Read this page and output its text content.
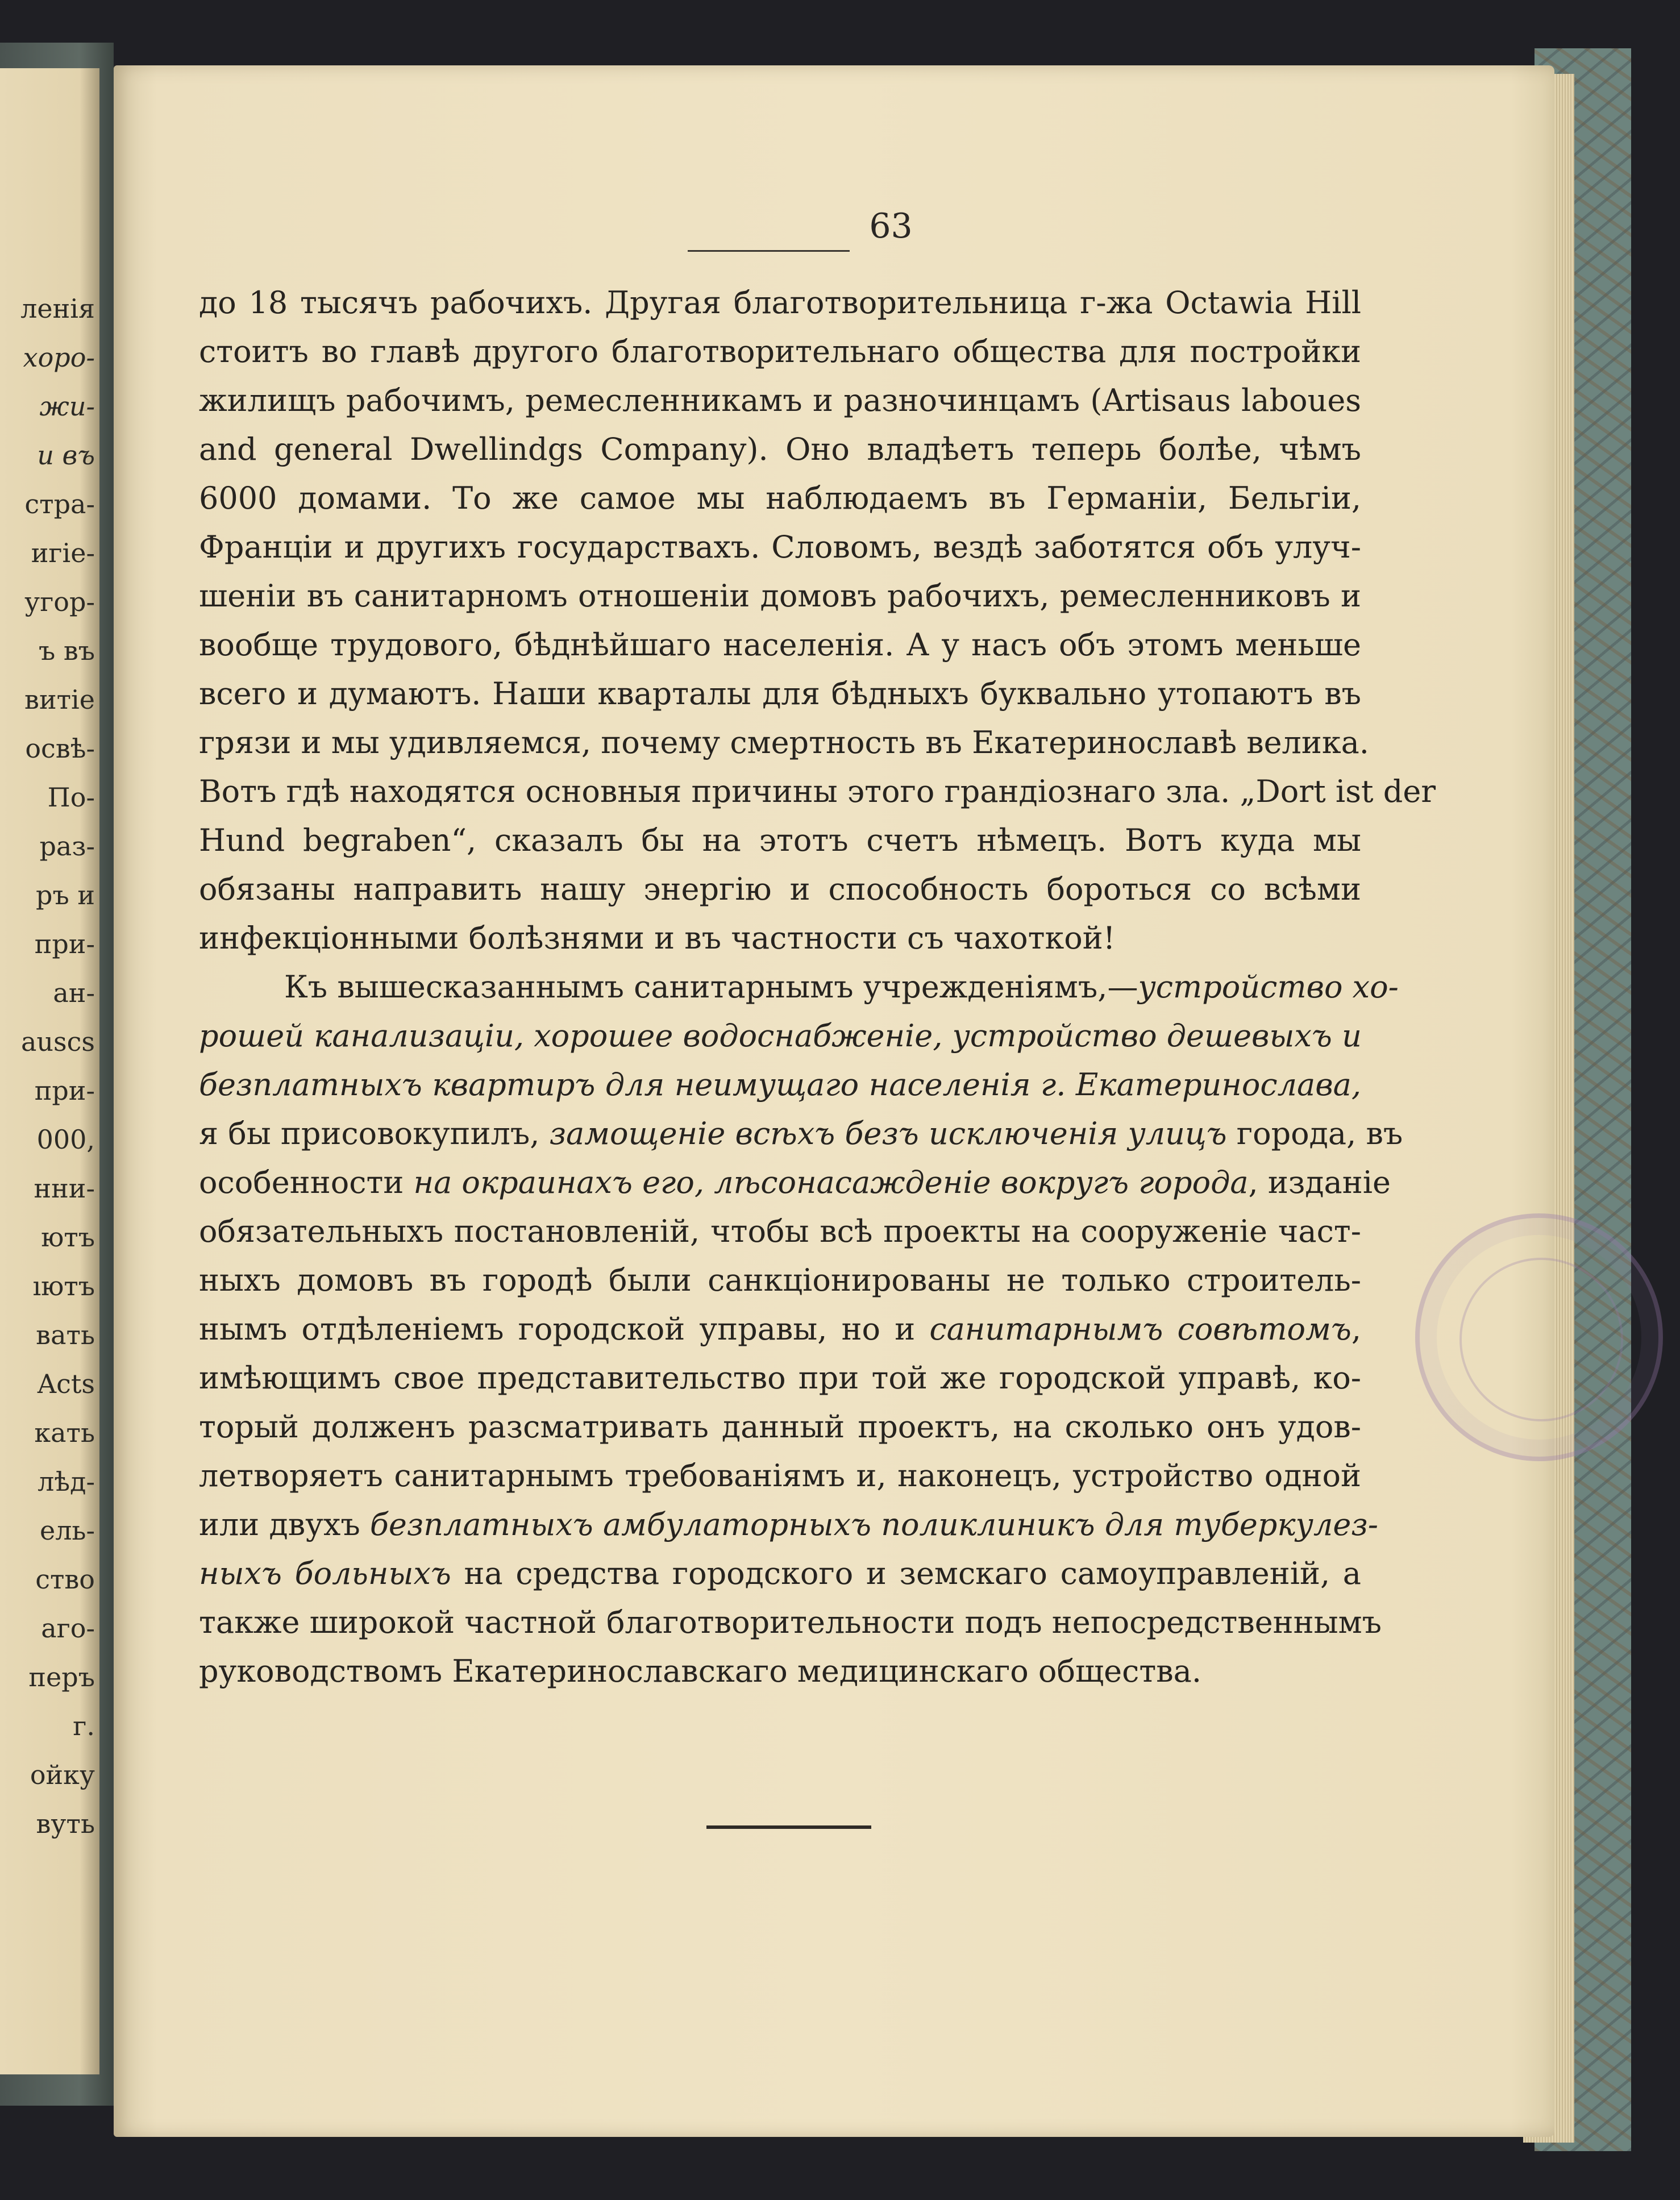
ленія
хоро-
жи-
и въ
стра-
игіе-
угор-
ъ въ
витіе
освѣ-
По-
раз-
ръ и
при-
ан-
ausсs
при-
000,
нни-
ютъ
ıютъ
вать
Acts
кать
лѣд-
ель-
ство
аго-
перъ
г.
ойку
вуть
63
до 18 тысячъ рабочихъ. Другая благотворительница г-жа Octawia Hill
стоитъ во главѣ другого благотворительнаго общества для постройки
жилищъ рабочимъ, ремесленникамъ и разночинцамъ (Artisaus laboues
and general Dwellindgs Company). Оно владѣетъ теперь болѣе, чѣмъ
6000 домами. То же самое мы наблюдаемъ въ Германіи, Бельгіи,
Франціи и другихъ государствахъ. Словомъ, вездѣ заботятся объ улуч-
шеніи въ санитарномъ отношеніи домовъ рабочихъ, ремесленниковъ и
вообще трудового, бѣднѣйшаго населенія. А у насъ объ этомъ меньше
всего и думаютъ. Наши кварталы для бѣдныхъ буквально утопаютъ въ
грязи и мы удивляемся, почему смертность въ Екатеринославѣ велика.
Вотъ гдѣ находятся основныя причины этого грандіознаго зла. „Dort ist der
Hund begraben“, сказалъ бы на этотъ счетъ нѣмецъ. Вотъ куда мы
обязаны направить нашу энергію и способность бороться со всѣми
инфекціонными болѣзнями и въ частности съ чахоткой!
Къ вышесказаннымъ санитарнымъ учрежденіямъ,—устройство хо-
рошей канализаціи, хорошее водоснабженіе, устройство дешевыхъ и
безплатныхъ квартиръ для неимущаго населенія г. Екатеринослава,
я бы присовокупилъ, замощеніе всѣхъ безъ исключенія улицъ города, въ
особенности на окраинахъ его, лѣсонасажденіе вокругъ города, изданіе
обязательныхъ постановленій, чтобы всѣ проекты на сооруженіе част-
ныхъ домовъ въ городѣ были санкціонированы не только строитель-
нымъ отдѣленіемъ городской управы, но и санитарнымъ совѣтомъ,
имѣющимъ свое представительство при той же городской управѣ, ко-
торый долженъ разсматривать данный проектъ, на сколько онъ удов-
летворяетъ санитарнымъ требованіямъ и, наконецъ, устройство одной
или двухъ безплатныхъ амбулаторныхъ поликлиникъ для туберкулез-
ныхъ больныхъ на средства городского и земскаго самоуправленій, а
также широкой частной благотворительности подъ непосредственнымъ
руководствомъ Екатеринославскаго медицинскаго общества.
